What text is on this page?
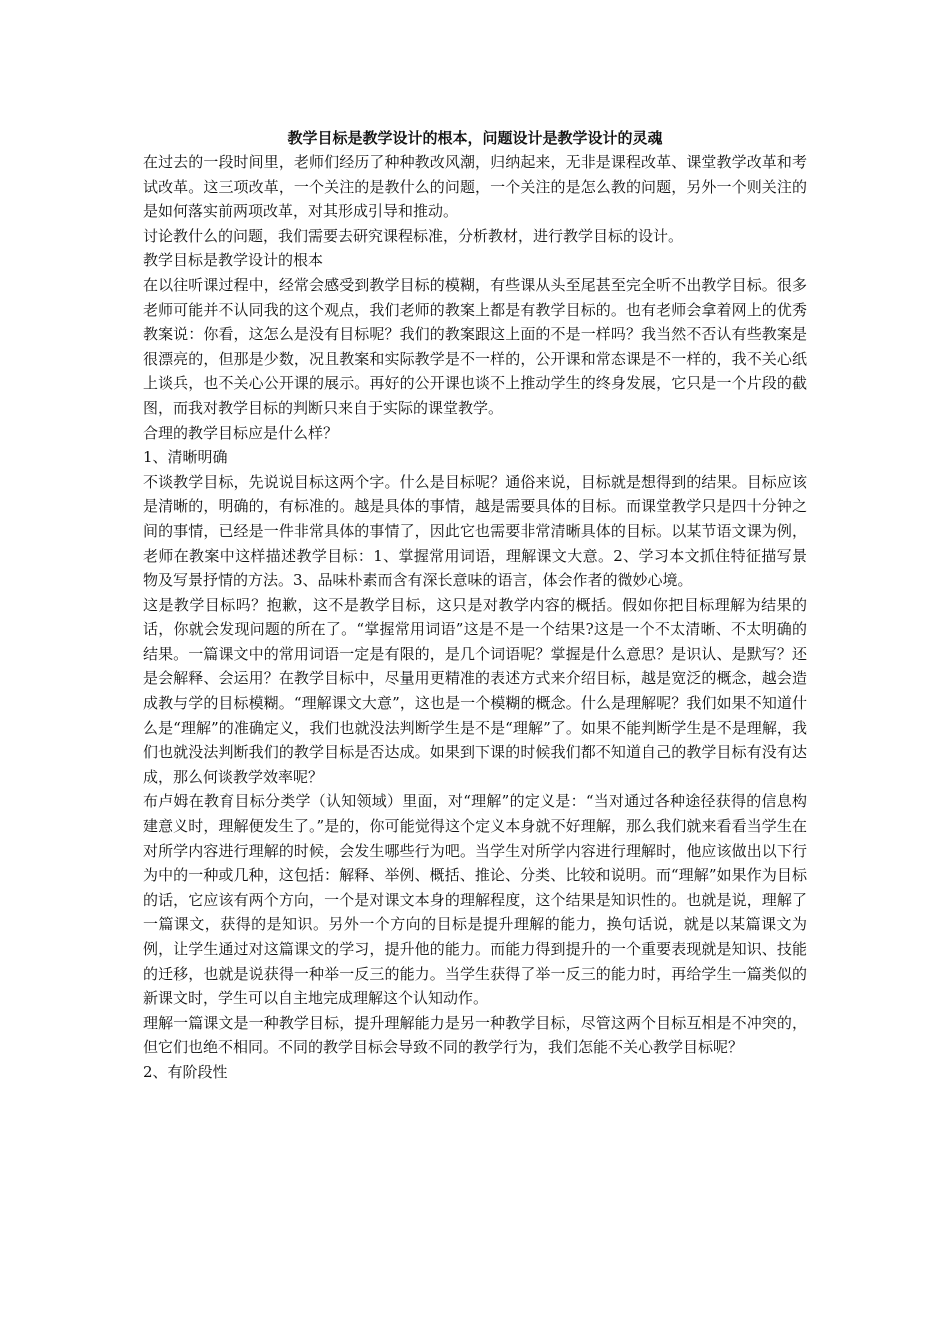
教学目标是教学设计的根本，问题设计是教学设计的灵魂

在过去的一段时间里，老师们经历了种种教改风潮，归纳起来，无非是课程改革、课堂教学改革和考试改革。这三项改革，一个关注的是教什么的问题，一个关注的是怎么教的问题，另外一个则关注的是如何落实前两项改革，对其形成引导和推动。

讨论教什么的问题，我们需要去研究课程标准，分析教材，进行教学目标的设计。

教学目标是教学设计的根本

在以往听课过程中，经常会感受到教学目标的模糊，有些课从头至尾甚至完全听不出教学目标。很多老师可能并不认同我的这个观点，我们老师的教案上都是有教学目标的。也有老师会拿着网上的优秀教案说：你看，这怎么是没有目标呢？我们的教案跟这上面的不是一样吗？我当然不否认有些教案是很漂亮的，但那是少数，况且教案和实际教学是不一样的，公开课和常态课是不一样的，我不关心纸上谈兵，也不关心公开课的展示。再好的公开课也谈不上推动学生的终身发展，它只是一个片段的截图，而我对教学目标的判断只来自于实际的课堂教学。

合理的教学目标应是什么样？

1、清晰明确

不谈教学目标，先说说目标这两个字。什么是目标呢？通俗来说，目标就是想得到的结果。目标应该是清晰的，明确的，有标准的。越是具体的事情，越是需要具体的目标。而课堂教学只是四十分钟之间的事情，已经是一件非常具体的事情了，因此它也需要非常清晰具体的目标。以某节语文课为例，老师在教案中这样描述教学目标：1、掌握常用词语，理解课文大意。2、学习本文抓住特征描写景物及写景抒情的方法。3、品味朴素而含有深长意味的语言，体会作者的微妙心境。

这是教学目标吗？抱歉，这不是教学目标，这只是对教学内容的概括。假如你把目标理解为结果的话，你就会发现问题的所在了。“掌握常用词语”这是不是一个结果?这是一个不太清晰、不太明确的结果。一篇课文中的常用词语一定是有限的，是几个词语呢？掌握是什么意思？是识认、是默写？还是会解释、会运用？在教学目标中，尽量用更精准的表述方式来介绍目标，越是宽泛的概念，越会造成教与学的目标模糊。“理解课文大意”，这也是一个模糊的概念。什么是理解呢？我们如果不知道什么是“理解”的准确定义，我们也就没法判断学生是不是“理解”了。如果不能判断学生是不是理解，我们也就没法判断我们的教学目标是否达成。如果到下课的时候我们都不知道自己的教学目标有没有达成，那么何谈教学效率呢？

布卢姆在教育目标分类学（认知领域）里面，对“理解”的定义是：“当对通过各种途径获得的信息构建意义时，理解便发生了。”是的，你可能觉得这个定义本身就不好理解，那么我们就来看看当学生在对所学内容进行理解的时候，会发生哪些行为吧。当学生对所学内容进行理解时，他应该做出以下行为中的一种或几种，这包括：解释、举例、概括、推论、分类、比较和说明。而“理解”如果作为目标的话，它应该有两个方向，一个是对课文本身的理解程度，这个结果是知识性的。也就是说，理解了一篇课文，获得的是知识。另外一个方向的目标是提升理解的能力，换句话说，就是以某篇课文为例，让学生通过对这篇课文的学习，提升他的能力。而能力得到提升的一个重要表现就是知识、技能的迁移，也就是说获得一种举一反三的能力。当学生获得了举一反三的能力时，再给学生一篇类似的新课文时，学生可以自主地完成理解这个认知动作。

理解一篇课文是一种教学目标，提升理解能力是另一种教学目标，尽管这两个目标互相是不冲突的，但它们也绝不相同。不同的教学目标会导致不同的教学行为，我们怎能不关心教学目标呢？

2、有阶段性
